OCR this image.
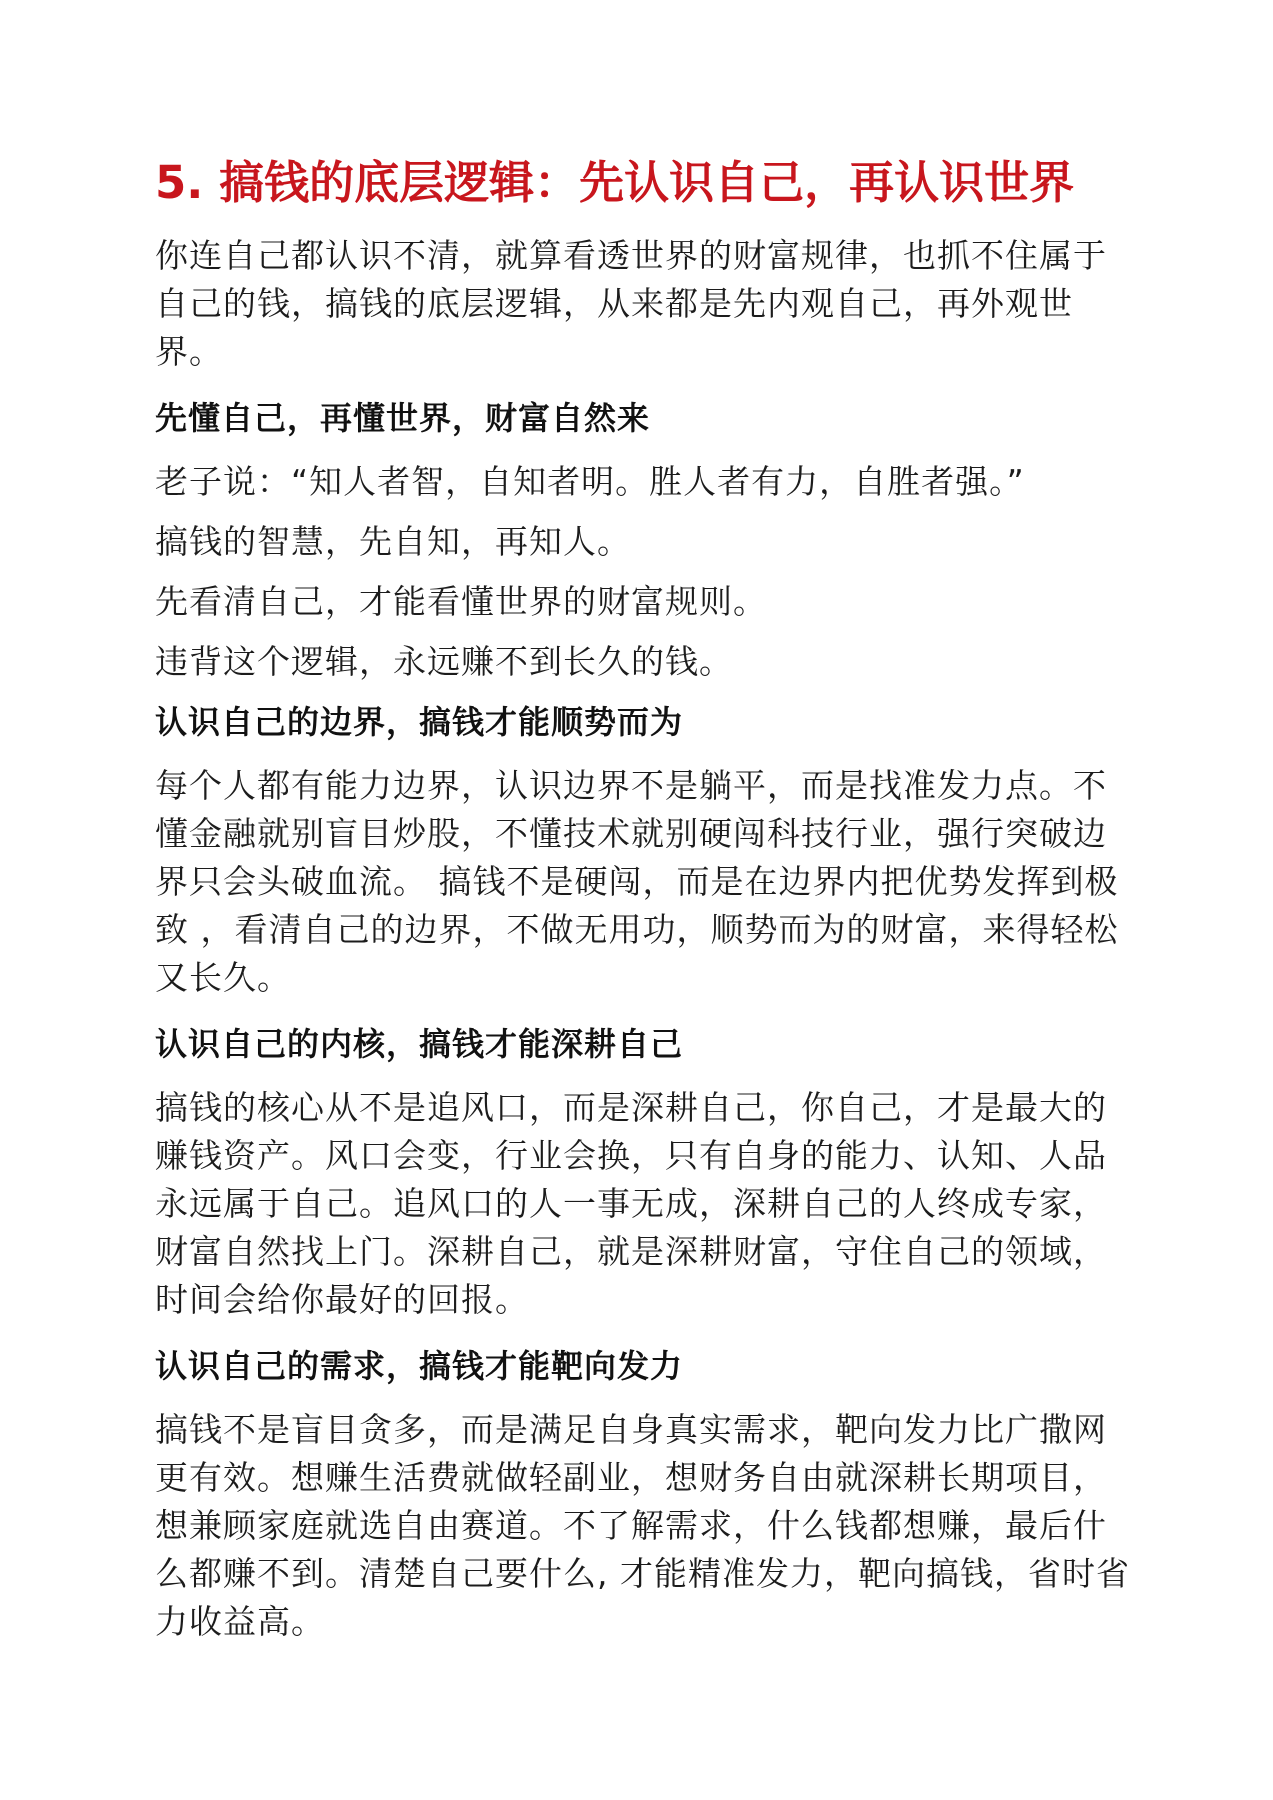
5. 搞钱的底层逻辑：先认识自己，再认识世界

你连自己都认识不清，就算看透世界的财富规律，也抓不住属于自己的钱，搞钱的底层逻辑，从来都是先内观自己，再外观世界。

先懂自己，再懂世界，财富自然来

老子说：“知人者智，自知者明。胜人者有力，自胜者强。”

搞钱的智慧，先自知，再知人。

先看清自己，才能看懂世界的财富规则。

违背这个逻辑，永远赚不到长久的钱。

认识自己的边界，搞钱才能顺势而为

每个人都有能力边界，认识边界不是躺平，而是找准发力点。不懂金融就别盲目炒股，不懂技术就别硬闯科技行业，强行突破边界只会头破血流。 搞钱不是硬闯，而是在边界内把优势发挥到极致 ，看清自己的边界，不做无用功，顺势而为的财富，来得轻松又长久。

认识自己的内核，搞钱才能深耕自己

搞钱的核心从不是追风口，而是深耕自己，你自己，才是最大的赚钱资产。风口会变，行业会换，只有自身的能力、认知、人品永远属于自己。追风口的人一事无成，深耕自己的人终成专家，财富自然找上门。深耕自己，就是深耕财富，守住自己的领域，时间会给你最好的回报。

认识自己的需求，搞钱才能靶向发力

搞钱不是盲目贪多，而是满足自身真实需求，靶向发力比广撒网更有效。想赚生活费就做轻副业，想财务自由就深耕长期项目，想兼顾家庭就选自由赛道。不了解需求，什么钱都想赚，最后什么都赚不到。清楚自己要什么, 才能精准发力，靶向搞钱，省时省力收益高。
